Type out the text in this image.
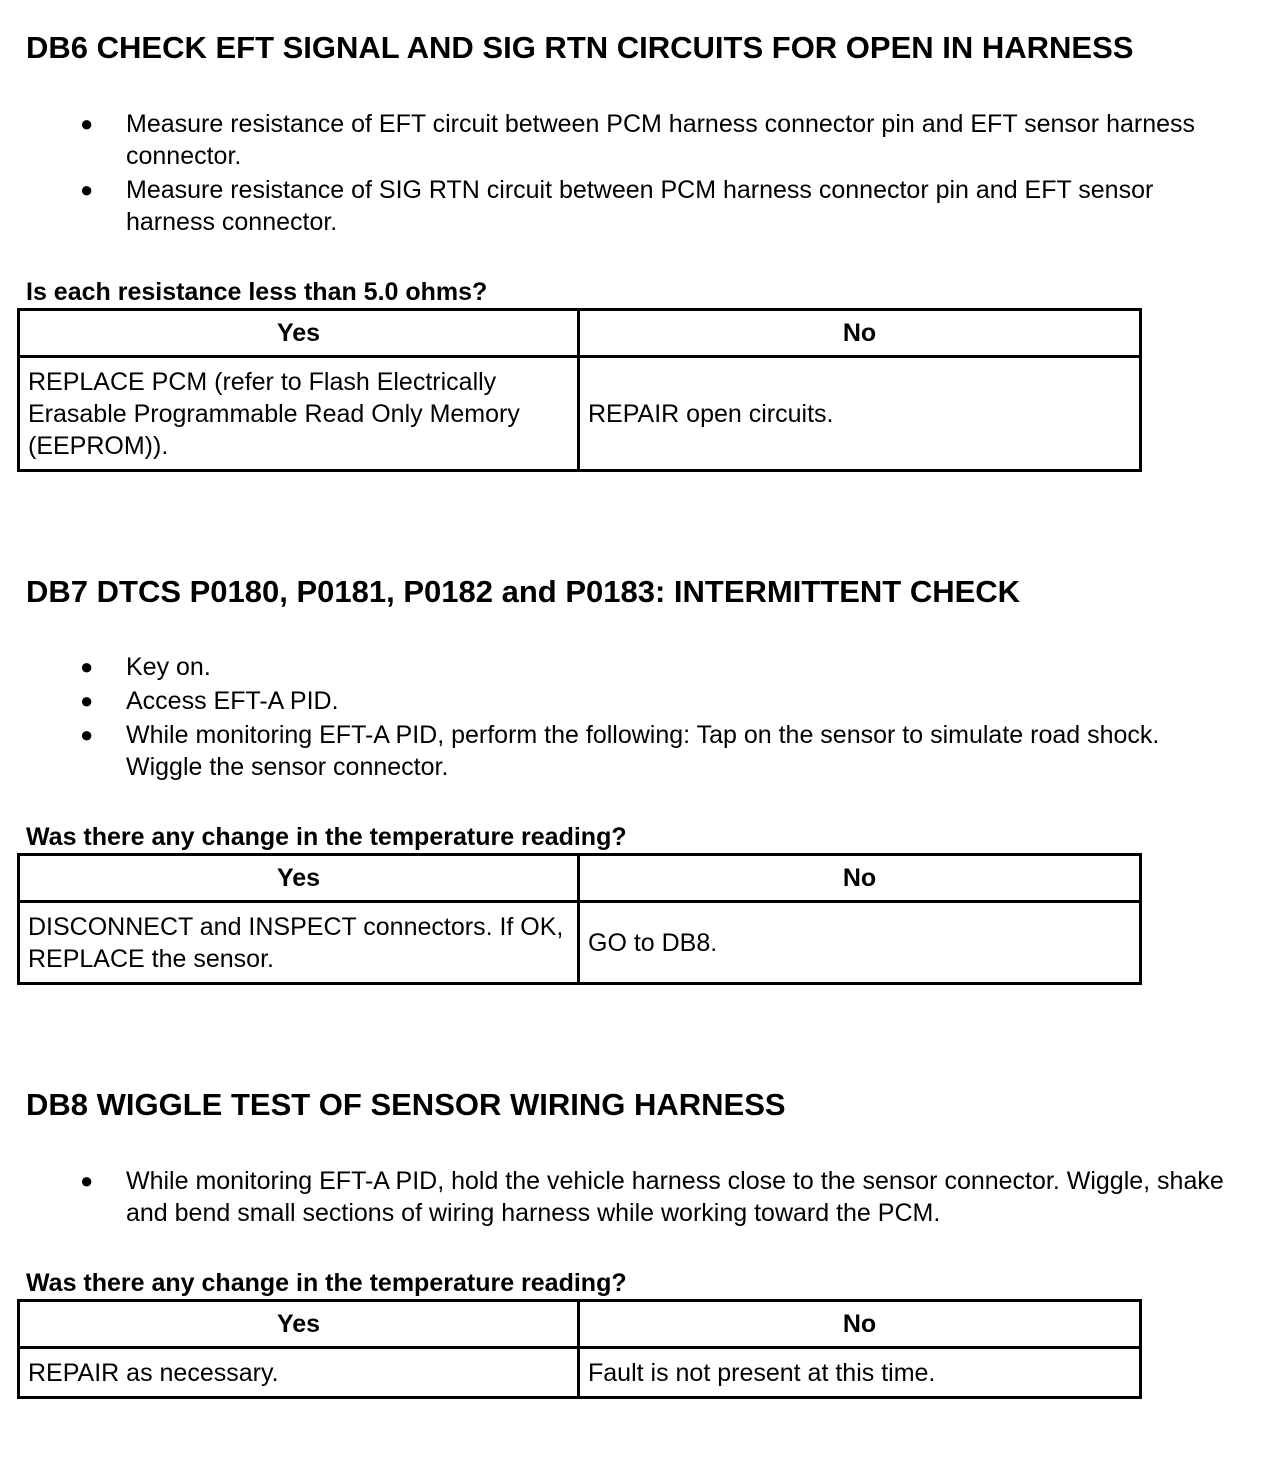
DB6 CHECK EFT SIGNAL AND SIG RTN CIRCUITS FOR OPEN IN HARNESS
● Measure resistance of EFT circuit between PCM harness connector pin and EFT sensor harness connector.
● Measure resistance of SIG RTN circuit between PCM harness connector pin and EFT sensor harness connector.

Is each resistance less than 5.0 ohms?

Yes	No
REPLACE PCM (refer to Flash Electrically Erasable Programmable Read Only Memory (EEPROM)).	REPAIR open circuits.
DB7 DTCS P0180, P0181, P0182 and P0183: INTERMITTENT CHECK
● Key on.
● Access EFT-A PID.
● While monitoring EFT-A PID, perform the following: Tap on the sensor to simulate road shock. Wiggle the sensor connector.

Was there any change in the temperature reading?

Yes	No
DISCONNECT and INSPECT connectors. If OK, REPLACE the sensor.	GO to DB8.
DB8 WIGGLE TEST OF SENSOR WIRING HARNESS
● While monitoring EFT-A PID, hold the vehicle harness close to the sensor connector. Wiggle, shake and bend small sections of wiring harness while working toward the PCM.

Was there any change in the temperature reading?

Yes	No
REPAIR as necessary.	Fault is not present at this time.
